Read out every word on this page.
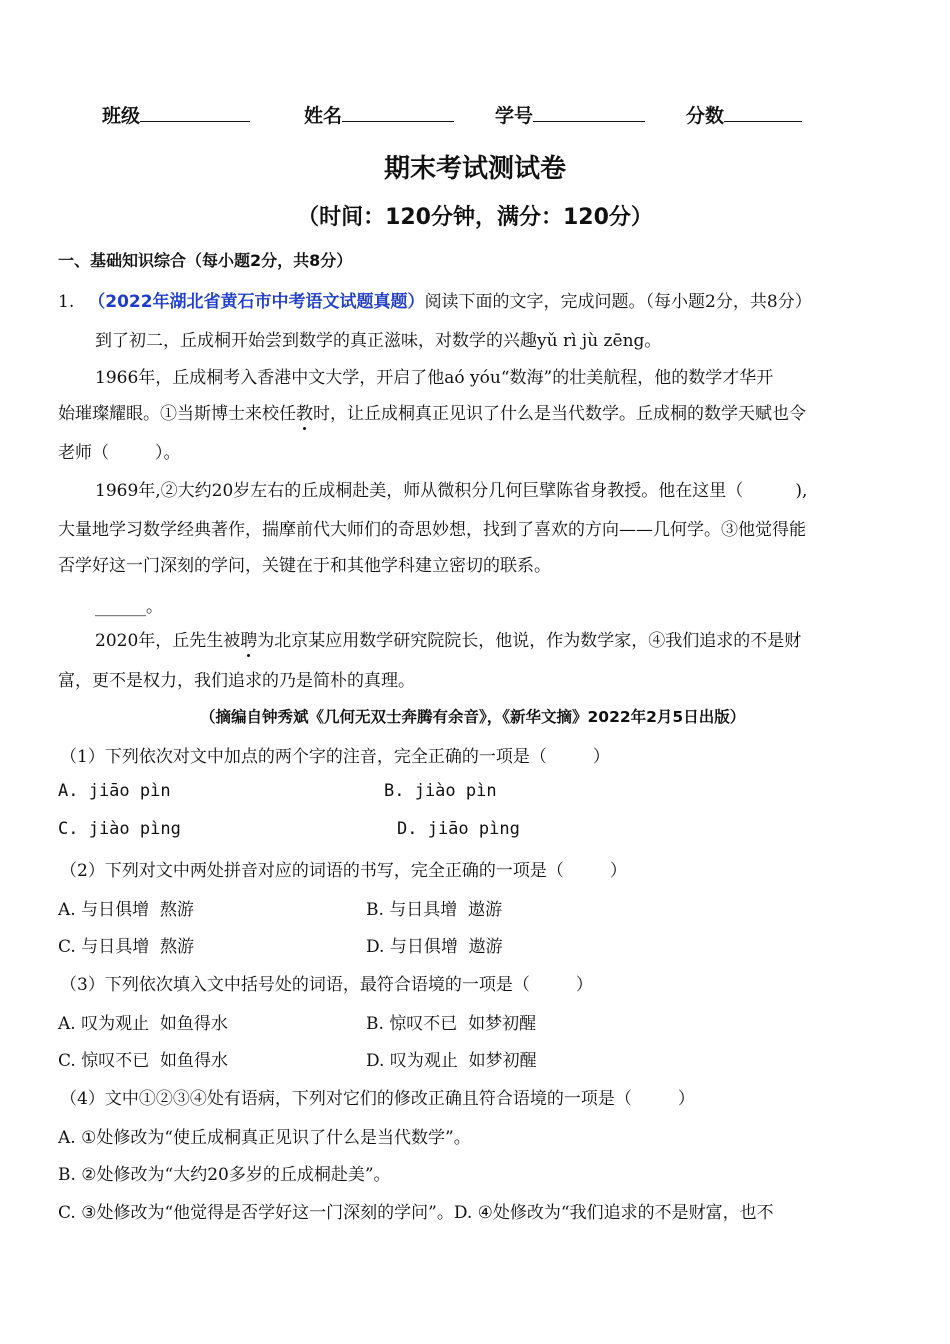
班级	姓名	学号	分数
期末考试测试卷
（时间：120分钟，满分：120分）
一、基础知识综合（每小题2分，共8分）
1. （2022年湖北省黄石市中考语文试题真题）阅读下面的文字，完成问题。（每小题2分，共8分）
到了初二，丘成桐开始尝到数学的真正滋味，对数学的兴趣yǔ rì jù zēng。
1966年，丘成桐考入香港中文大学，开启了他aó yóu“数海”的壮美航程，他的数学才华开
始璀璨耀眼。①当斯博士来校任教时，让丘成桐真正见识了什么是当代数学。丘成桐的数学天赋也令
老师（	）。
1969年,②大约20岁左右的丘成桐赴美，师从微积分几何巨擘陈省身教授。他在这里（	),
大量地学习数学经典著作，揣摩前代大师们的奇思妙想，找到了喜欢的方向——几何学。③他觉得能
否学好这一门深刻的学问，关键在于和其他学科建立密切的联系。
______。
2020年，丘先生被聘为北京某应用数学研究院院长，他说，作为数学家，④我们追求的不是财
富，更不是权力，我们追求的乃是简朴的真理。
（摘编自钟秀斌《几何无双士奔腾有余音》，《新华文摘》2022年2月5日出版）
（1）下列依次对文中加点的两个字的注音，完全正确的一项是（	）
A. jiāo pìn	B. jiào pìn
C. jiào pìng	D. jiāo pìng
（2）下列对文中两处拼音对应的词语的书写，完全正确的一项是（	）
A. 与日俱增  熬游	B. 与日具增  遨游
C. 与日具增  熬游	D. 与日俱增  遨游
（3）下列依次填入文中括号处的词语，最符合语境的一项是（	）
A. 叹为观止  如鱼得水	B. 惊叹不已  如梦初醒
C. 惊叹不已  如鱼得水	D. 叹为观止  如梦初醒
（4）文中①②③④处有语病，下列对它们的修改正确且符合语境的一项是（	）
A. ①处修改为“使丘成桐真正见识了什么是当代数学”。
B. ②处修改为“大约20多岁的丘成桐赴美”。
C. ③处修改为“他觉得是否学好这一门深刻的学问”。D. ④处修改为“我们追求的不是财富，也不
